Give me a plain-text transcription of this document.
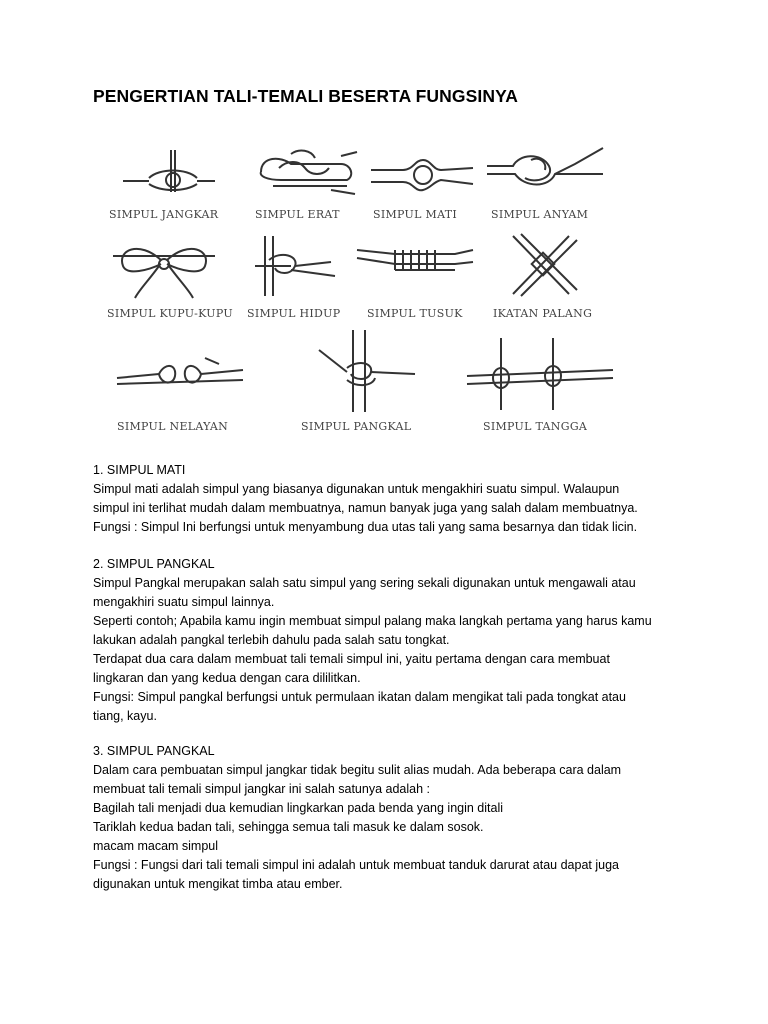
PENGERTIAN TALI-TEMALI BESERTA FUNGSINYA
SIMPUL JANGKAR	SIMPUL ERAT	SIMPUL MATI	SIMPUL ANYAM
SIMPUL KUPU-KUPU SIMPUL HIDUP SIMPUL TUSUK	IKATAN PALANG
SIMPUL NELAYAN	SIMPUL PANGKAL	SIMPUL TANGGA

1. SIMPUL MATI

Simpul mati adalah simpul yang biasanya digunakan untuk mengakhiri suatu simpul. Walaupun

simpul ini terlihat mudah dalam membuatnya, namun banyak juga yang salah dalam membuatnya.

Fungsi : Simpul Ini berfungsi untuk menyambung dua utas tali yang sama besarnya dan tidak licin.

2. SIMPUL PANGKAL

Simpul Pangkal merupakan salah satu simpul yang sering sekali digunakan untuk mengawali atau

mengakhiri suatu simpul lainnya.

Seperti contoh; Apabila kamu ingin membuat simpul palang maka langkah pertama yang harus kamu

lakukan adalah pangkal terlebih dahulu pada salah satu tongkat.

Terdapat dua cara dalam membuat tali temali simpul ini, yaitu pertama dengan cara membuat

lingkaran dan yang kedua dengan cara dililitkan.

Fungsi: Simpul pangkal berfungsi untuk permulaan ikatan dalam mengikat tali pada tongkat atau

tiang, kayu.

3. SIMPUL PANGKAL

Dalam cara pembuatan simpul jangkar tidak begitu sulit alias mudah. Ada beberapa cara dalam

membuat tali temali simpul jangkar ini salah satunya adalah :

Bagilah tali menjadi dua kemudian lingkarkan pada benda yang ingin ditali

Tariklah kedua badan tali, sehingga semua tali masuk ke dalam sosok.

macam macam simpul

Fungsi : Fungsi dari tali temali simpul ini adalah untuk membuat tanduk darurat atau dapat juga

digunakan untuk mengikat timba atau ember.
